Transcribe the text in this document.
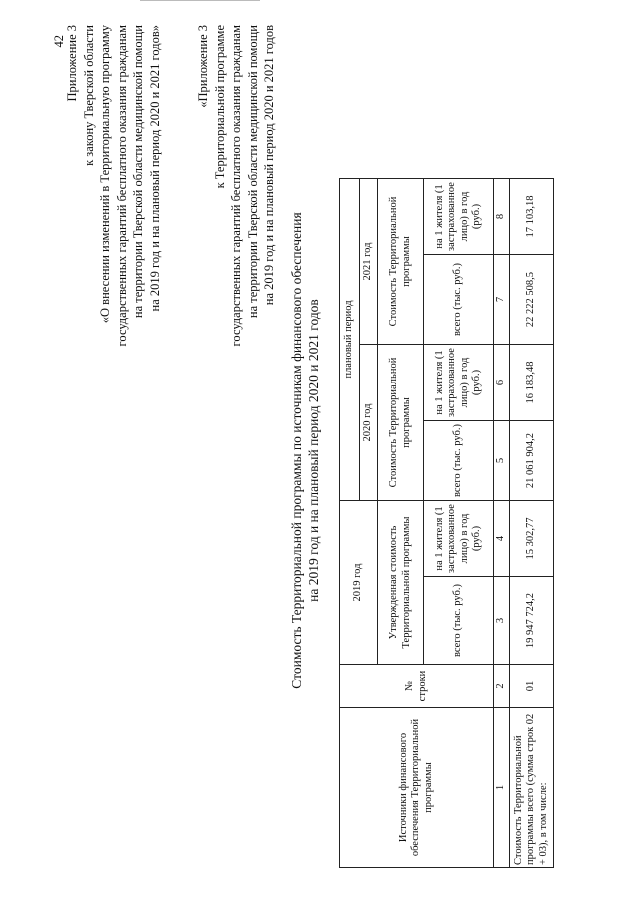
42 Приложение 3 к закону Тверской области «О внесении изменений в Территориальную программу государственных гарантий бесплатного оказания гражданам на территории Тверской области медицинской помощи на 2019 год и на плановый период 2020 и 2021 годов»	«Приложение 3 к Территориальной программе государственных гарантий бесплатного оказания гражданам на территории Тверской области медицинской помощи на 2019 год и на плановый период 2020 и 2021 годов
Стоимость Территориальной программы по источникам финансового обеспечения на 2019 год и на плановый период 2020 и 2021 годов
Источники финансового обеспечения Территориальной программы	№ строки	2019 год		плановый период			
				2020 год		2021 год	
		Утвержденная стоимость Территориальной программы		Стоимость Территориальной программы		Стоимость Территориальной программы	
		всего (тыс. руб.)	на 1 жителя (1 застрахованное лицо) в год (руб.)	всего (тыс. руб.)	на 1 жителя (1 застрахованное лицо) в год (руб.)	всего (тыс. руб.)	на 1 жителя (1 застрахованное лицо) в год (руб.)
1	2	3	4	5	6	7	8
Стоимость Территориальной программы всего (сумма строк 02 + 03), в том числе:	01	19 947 724,2	15 302,77	21 061 904,2	16 183,48	22 222 508,5	17 103,18
